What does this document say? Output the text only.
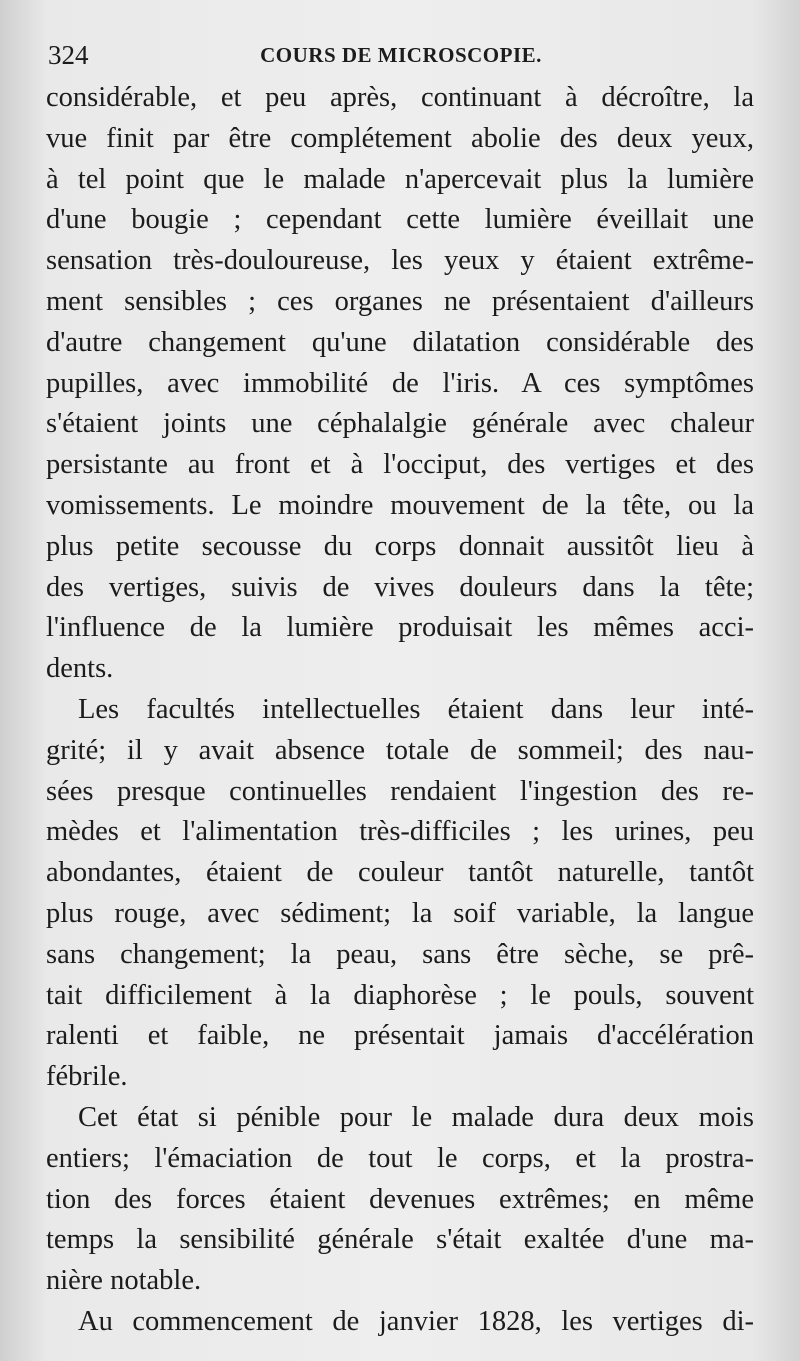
324	COURS DE MICROSCOPIE.
considérable, et peu après, continuant à décroître, la
vue finit par être complétement abolie des deux yeux,
à tel point que le malade n'apercevait plus la lumière
d'une bougie ; cependant cette lumière éveillait une
sensation très-douloureuse, les yeux y étaient extrême-
ment sensibles ; ces organes ne présentaient d'ailleurs
d'autre changement qu'une dilatation considérable des
pupilles, avec immobilité de l'iris. A ces symptômes
s'étaient joints une céphalalgie générale avec chaleur
persistante au front et à l'occiput, des vertiges et des
vomissements. Le moindre mouvement de la tête, ou la
plus petite secousse du corps donnait aussitôt lieu à
des vertiges, suivis de vives douleurs dans la tête;
l'influence de la lumière produisait les mêmes acci-
dents.
Les facultés intellectuelles étaient dans leur inté-
grité; il y avait absence totale de sommeil; des nau-
sées presque continuelles rendaient l'ingestion des re-
mèdes et l'alimentation très-difficiles ; les urines, peu
abondantes, étaient de couleur tantôt naturelle, tantôt
plus rouge, avec sédiment; la soif variable, la langue
sans changement; la peau, sans être sèche, se prê-
tait difficilement à la diaphorèse ; le pouls, souvent
ralenti et faible, ne présentait jamais d'accélération
fébrile.
Cet état si pénible pour le malade dura deux mois
entiers; l'émaciation de tout le corps, et la prostra-
tion des forces étaient devenues extrêmes; en même
temps la sensibilité générale s'était exaltée d'une ma-
nière notable.
Au commencement de janvier 1828, les vertiges di-
